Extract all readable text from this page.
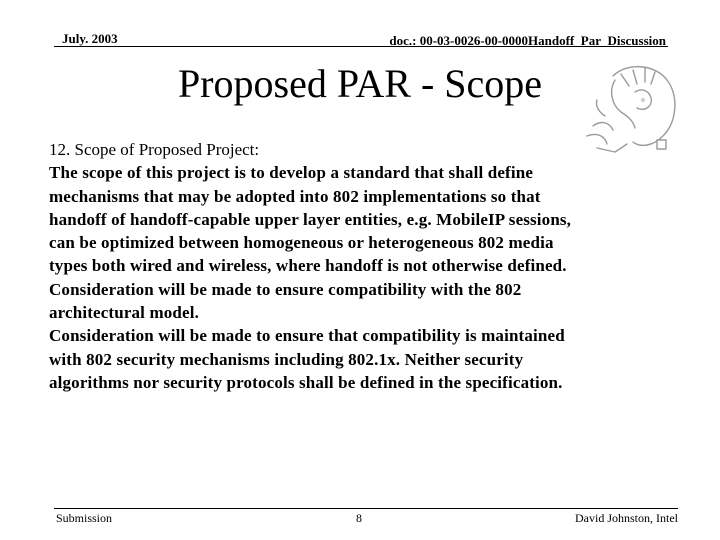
July. 2003	doc.: 00-03-0026-00-0000Handoff_Par_Discussion
Proposed PAR - Scope

12. Scope of Proposed Project:

The scope of this project is to develop a standard that shall define

mechanisms that may be adopted into 802 implementations so that

handoff of handoff-capable upper layer entities, e.g. MobileIP sessions,

can be optimized between homogeneous or heterogeneous 802 media

types both wired and wireless, where handoff is not otherwise defined.

Consideration will be made to ensure compatibility with the 802

architectural model.

Consideration will be made to ensure that compatibility is maintained

with 802 security mechanisms including 802.1x. Neither security

algorithms nor security protocols shall be defined in the specification.

Submission	8	David Johnston, Intel
